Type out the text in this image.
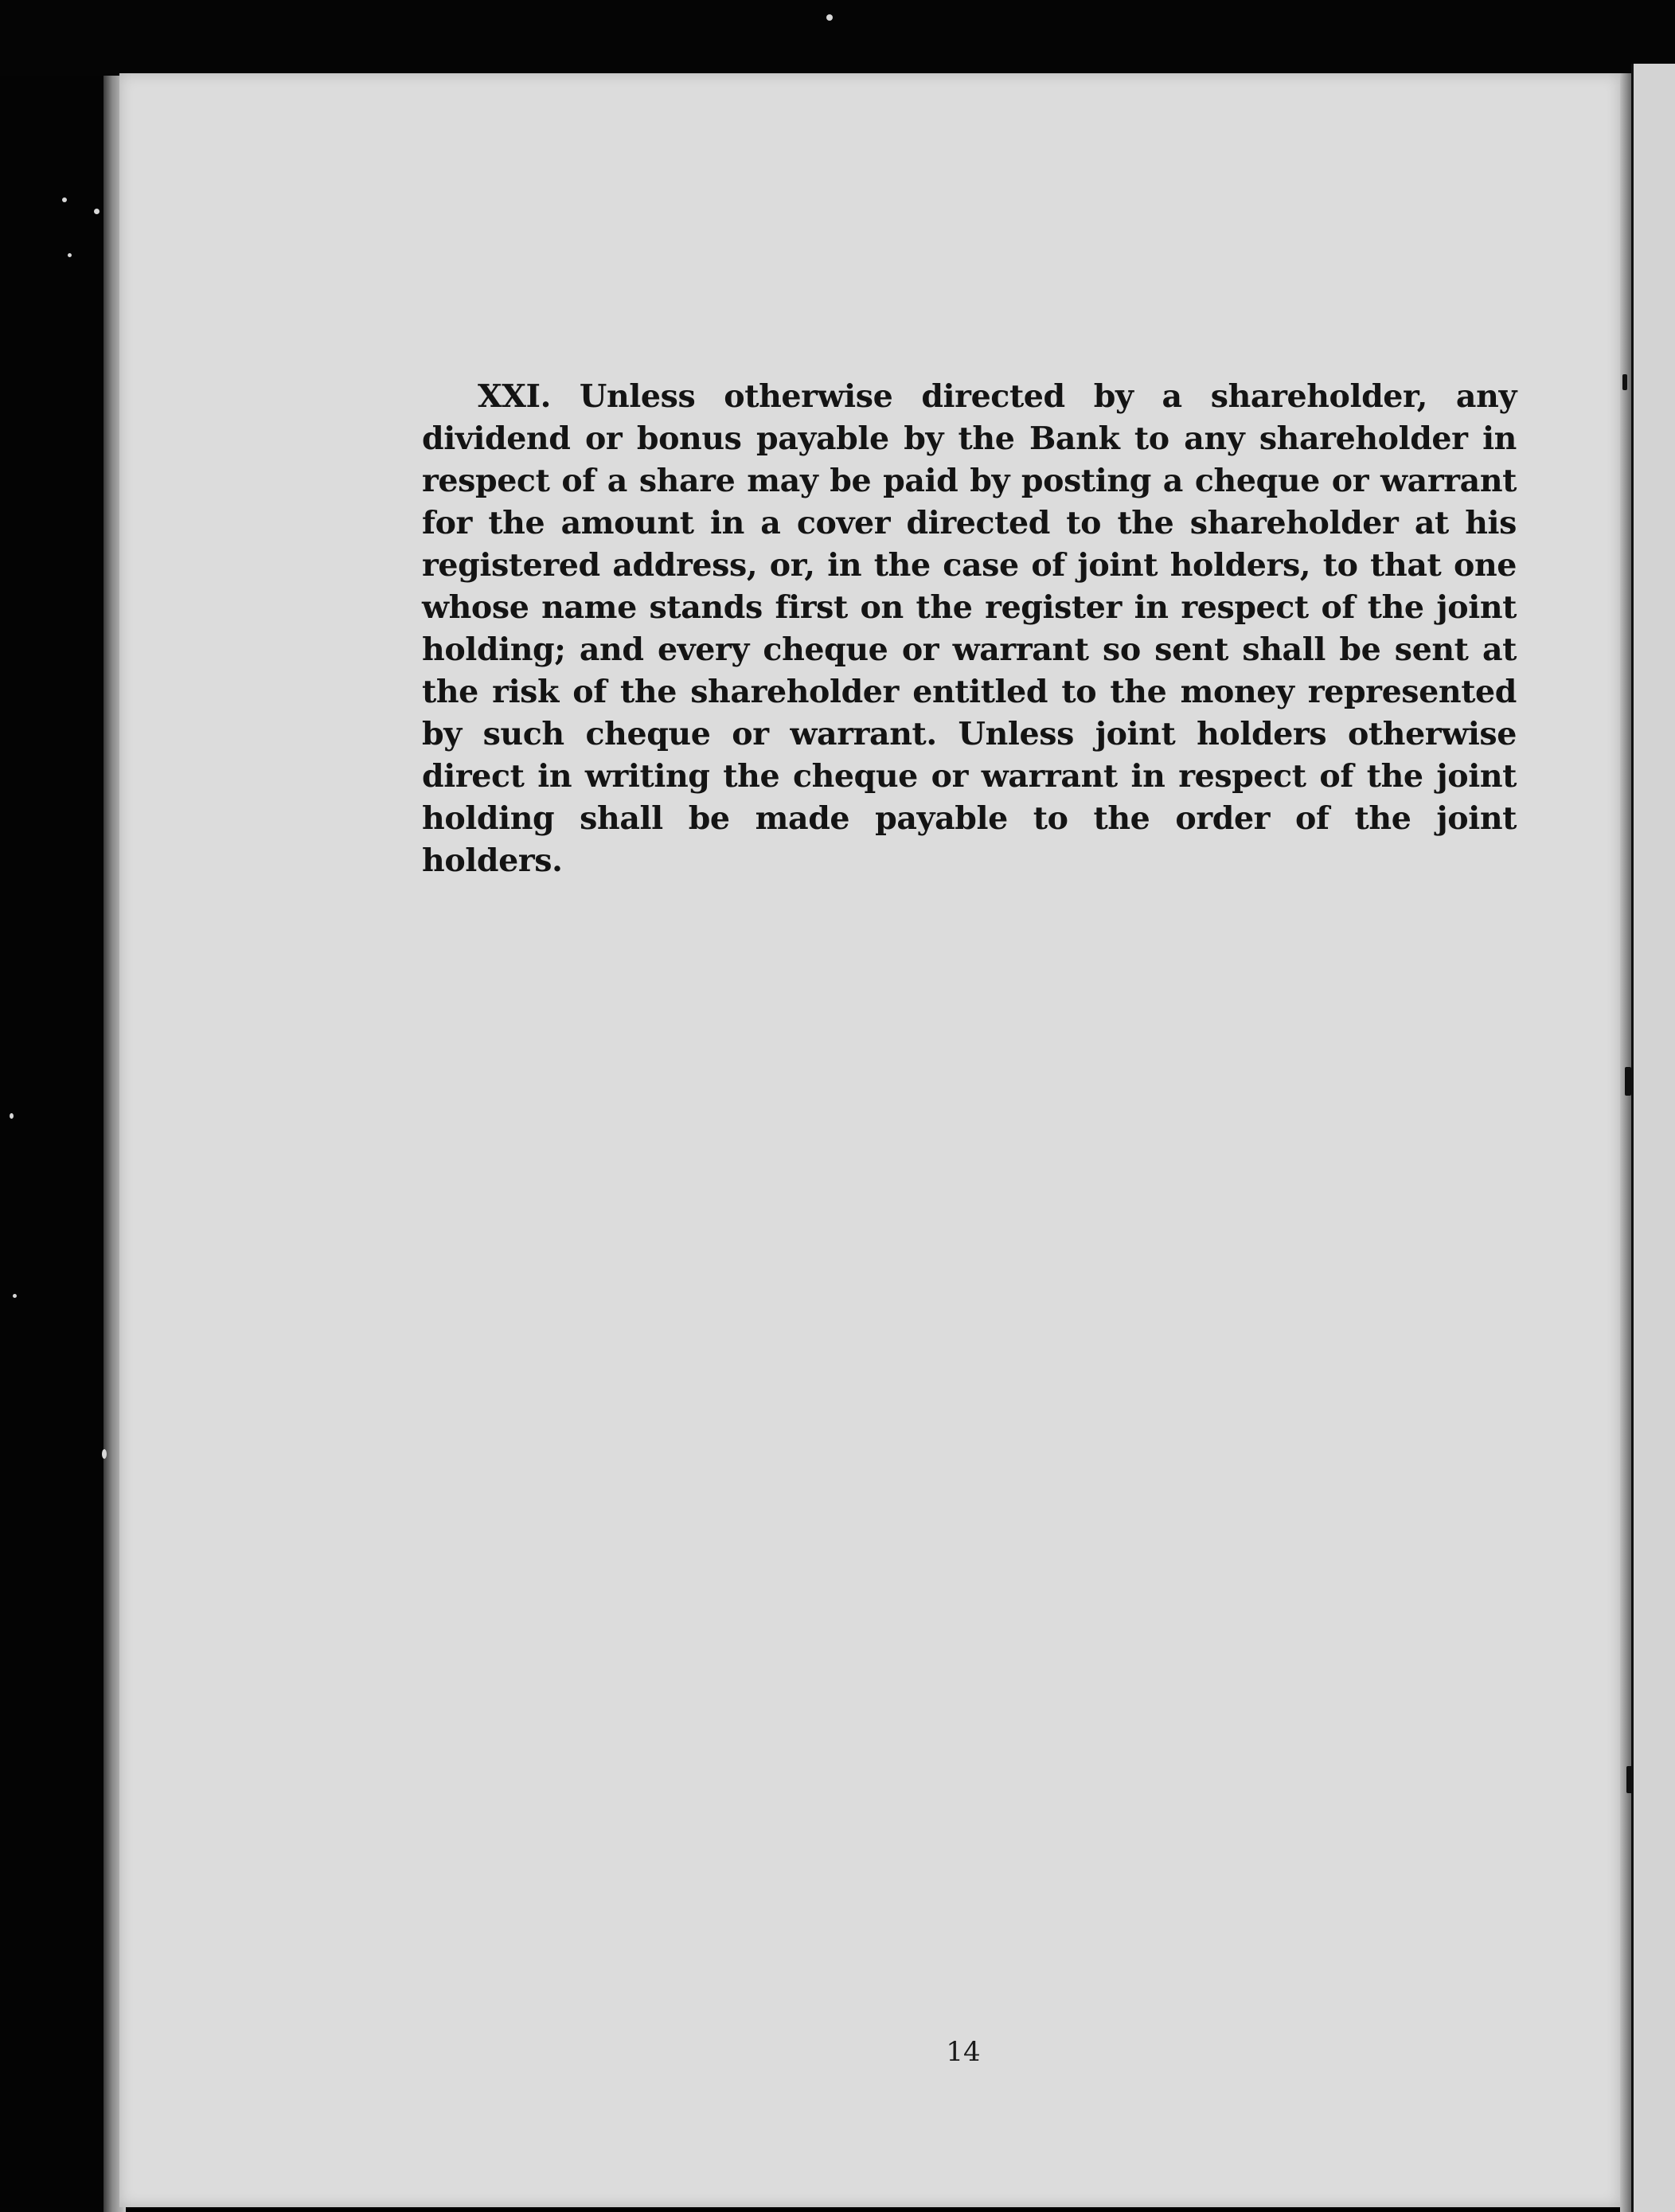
XXI. Unless otherwise directed by a shareholder, any dividend or bonus payable by the Bank to any shareholder in respect of a share may be paid by posting a cheque or warrant for the amount in a cover directed to the shareholder at his registered address, or, in the case of joint holders, to that one whose name stands first on the register in respect of the joint holding; and every cheque or warrant so sent shall be sent at the risk of the shareholder entitled to the money represented by such cheque or warrant. Unless joint holders otherwise direct in writing the cheque or warrant in respect of the joint holding shall be made payable to the order of the joint holders.

14
